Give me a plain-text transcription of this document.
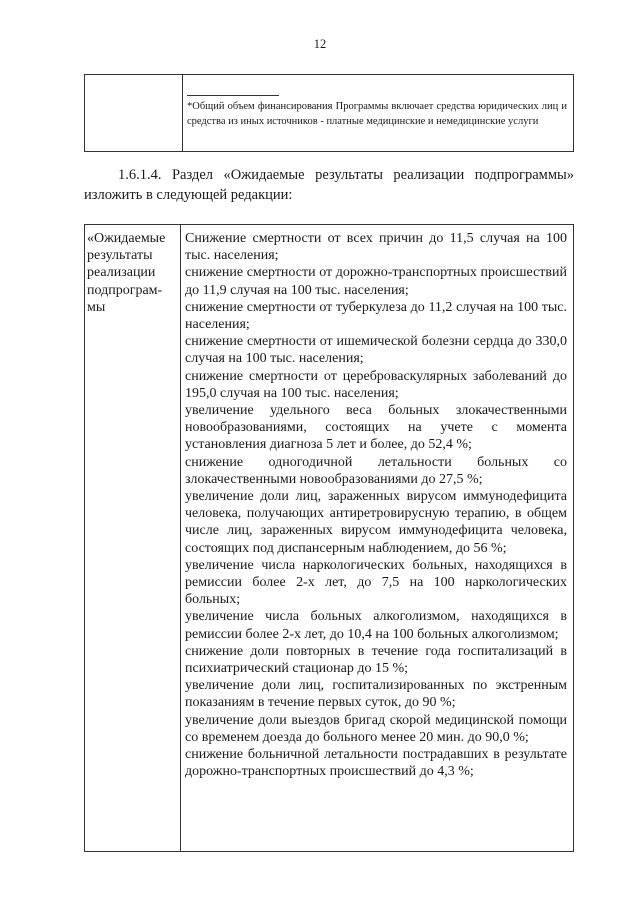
12

*Общий объем финансирования Программы включает средства юридических лиц и средства из иных источников - платные медицинские и немедицинские услуги

1.6.1.4. Раздел «Ожидаемые результаты реализации подпрограммы» изложить в следующей редакции:

«Ожидаемые
результаты
реализации
подпрограм-
мы

Снижение смертности от всех причин до 11,5 случая на 100 тыс. населения;

снижение смертности от дорожно-транспортных происшествий до 11,9 случая на 100 тыс. населения;

снижение смертности от туберкулеза до 11,2 случая на 100 тыс. населения;

снижение смертности от ишемической болезни сердца до 330,0 случая на 100 тыс. населения;

снижение смертности от цереброваскулярных заболеваний до 195,0 случая на 100 тыс. населения;

увеличение удельного веса больных злокачественными новообразованиями, состоящих на учете с момента установления диагноза 5 лет и более, до 52,4 %;

снижение одногодичной летальности больных со злокачественными новообразованиями до 27,5 %;

увеличение доли лиц, зараженных вирусом иммунодефицита человека, получающих антиретровирусную терапию, в общем числе лиц, зараженных вирусом иммунодефицита человека, состоящих под диспансерным наблюдением, до 56 %;

увеличение числа наркологических больных, находящихся в ремиссии более 2-х лет, до 7,5 на 100 наркологических больных;

увеличение числа больных алкоголизмом, находящихся в ремиссии более 2-х лет, до 10,4 на 100 больных алкоголизмом;

снижение доли повторных в течение года госпитализаций в психиатрический стационар до 15 %;

увеличение доли лиц, госпитализированных по экстренным показаниям в течение первых суток, до 90 %;

увеличение доли выездов бригад скорой медицинской помощи со временем доезда до больного менее 20 мин. до 90,0 %;

снижение больничной летальности пострадавших в результате дорожно-транспортных происшествий до 4,3 %;
